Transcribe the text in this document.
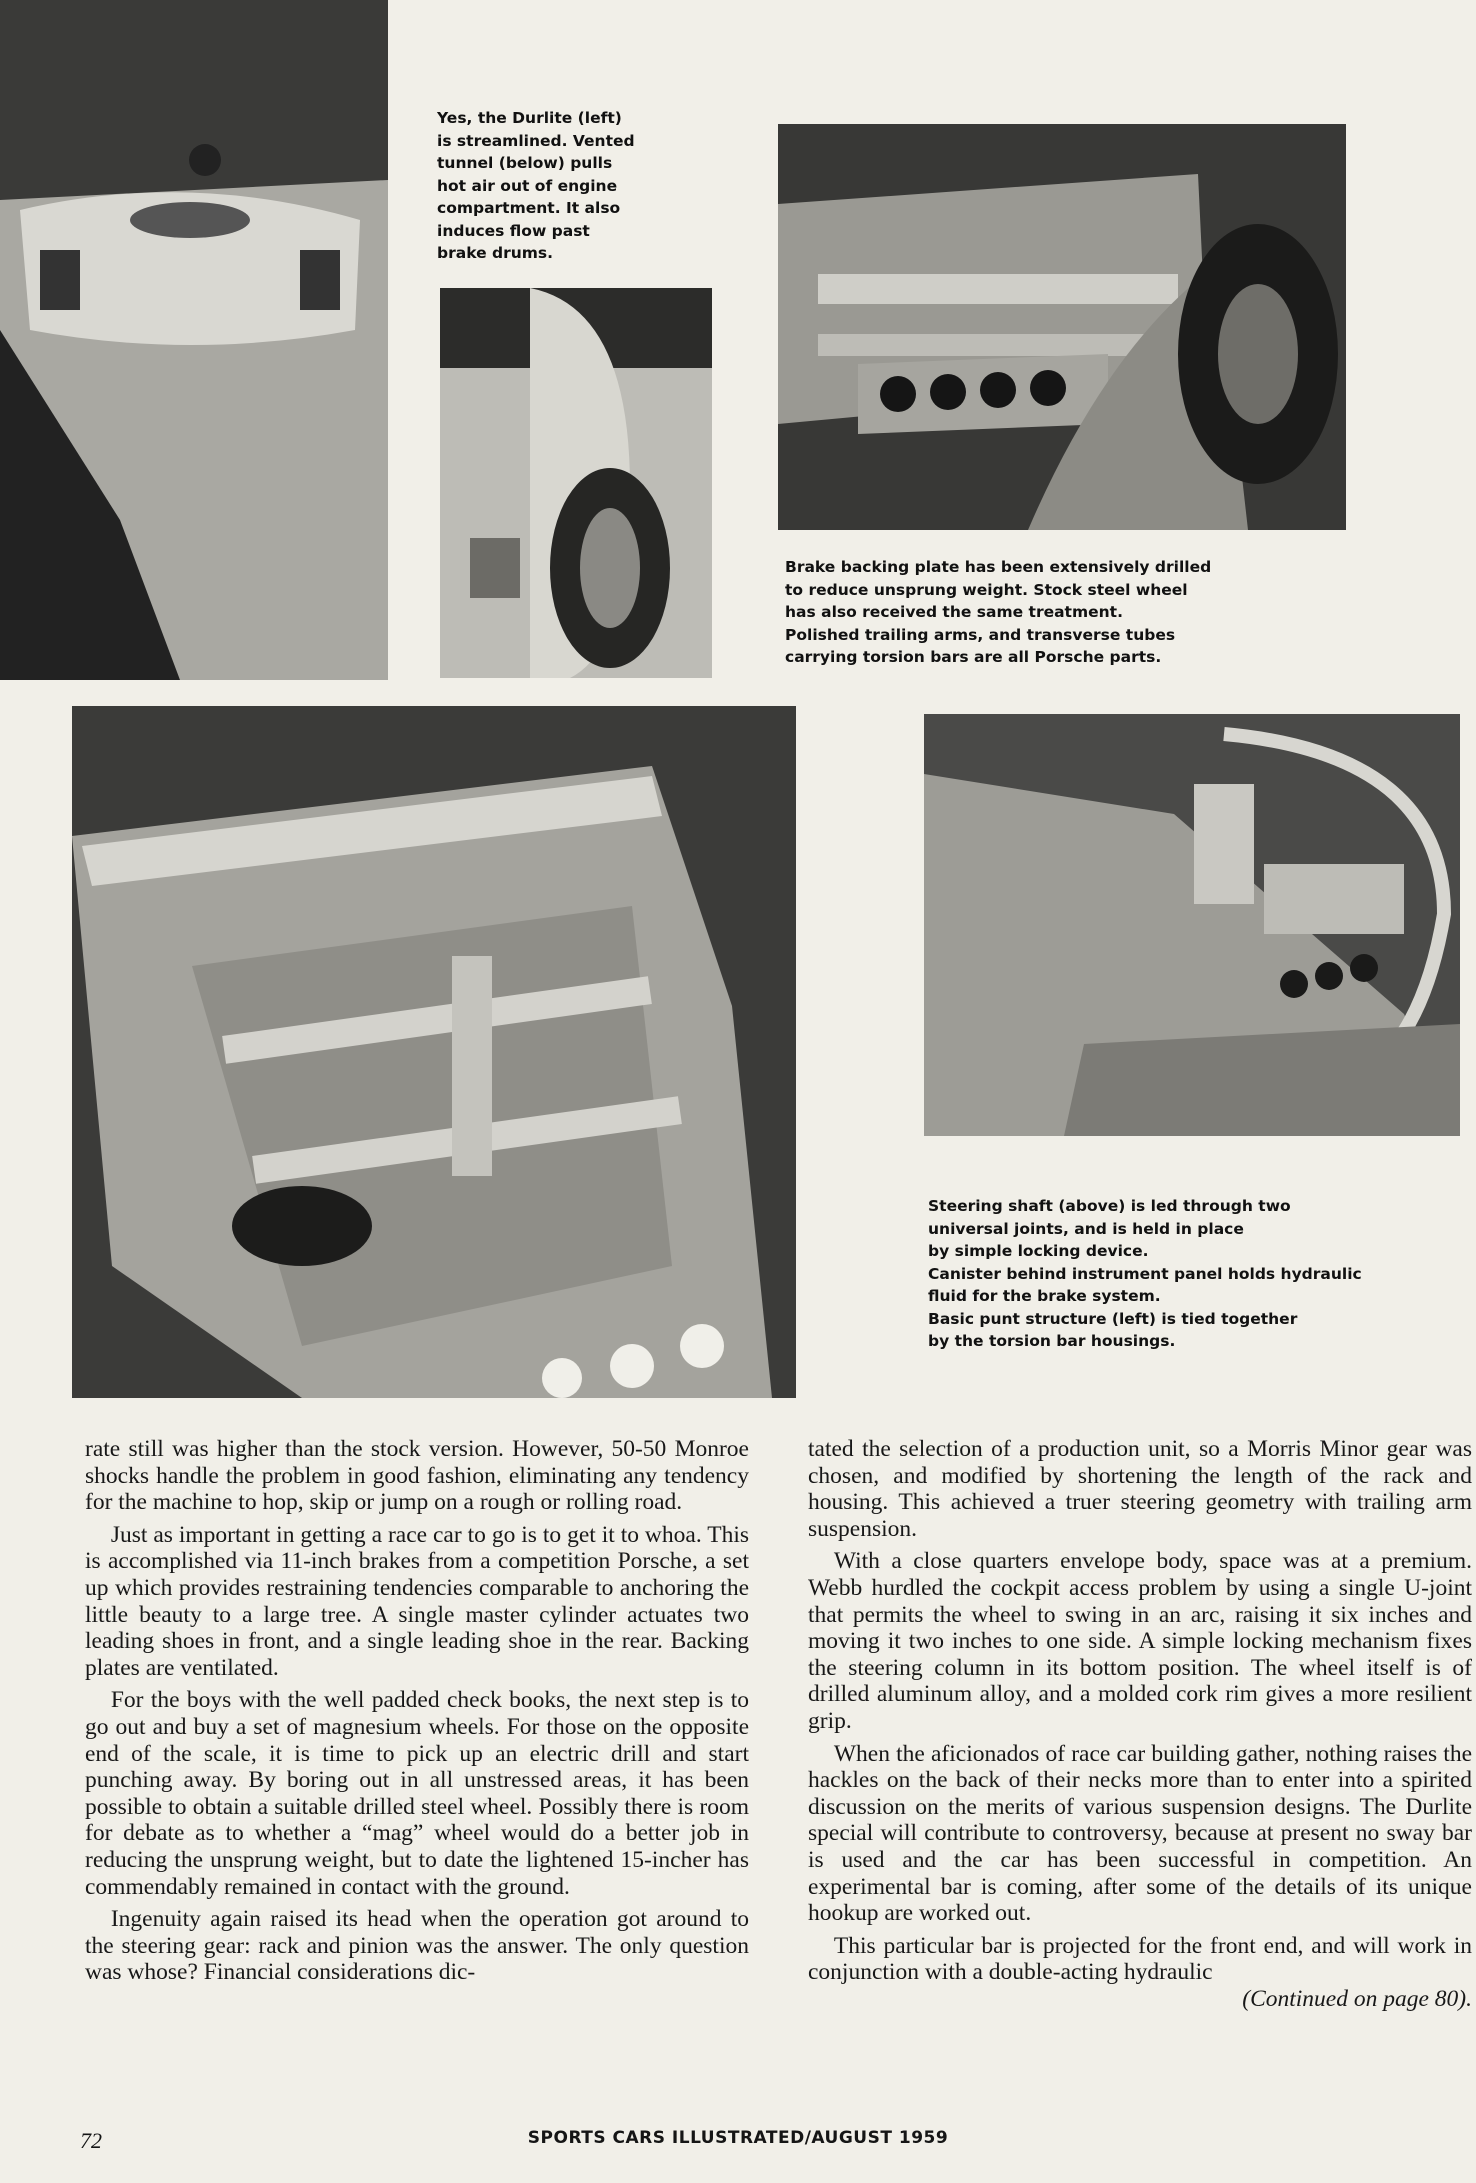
Yes, the Durlite (left)
is streamlined. Vented
tunnel (below) pulls
hot air out of engine
compartment. It also
induces flow past
brake drums.
Brake backing plate has been extensively drilled
to reduce unsprung weight. Stock steel wheel
has also received the same treatment.
Polished trailing arms, and transverse tubes
carrying torsion bars are all Porsche parts.
Steering shaft (above) is led through two
universal joints, and is held in place
by simple locking device.
Canister behind instrument panel holds hydraulic
fluid for the brake system.
Basic punt structure (left) is tied together
by the torsion bar housings.

rate still was higher than the stock version. However, 50-50 Monroe shocks handle the problem in good fashion, eliminating any tendency for the machine to hop, skip or jump on a rough or rolling road.

Just as important in getting a race car to go is to get it to whoa. This is accomplished via 11-inch brakes from a competition Porsche, a set up which provides restraining tendencies comparable to anchoring the little beauty to a large tree. A single master cylinder actuates two leading shoes in front, and a single leading shoe in the rear. Backing plates are ventilated.

For the boys with the well padded check books, the next step is to go out and buy a set of magnesium wheels. For those on the opposite end of the scale, it is time to pick up an electric drill and start punching away. By boring out in all unstressed areas, it has been possible to obtain a suitable drilled steel wheel. Possibly there is room for debate as to whether a “mag” wheel would do a better job in reducing the unsprung weight, but to date the lightened 15-incher has commendably remained in contact with the ground.

Ingenuity again raised its head when the operation got around to the steering gear: rack and pinion was the answer. The only question was whose? Financial considerations dic-

tated the selection of a production unit, so a Morris Minor gear was chosen, and modified by shortening the length of the rack and housing. This achieved a truer steering geometry with trailing arm suspension.

With a close quarters envelope body, space was at a premium. Webb hurdled the cockpit access problem by using a single U-joint that permits the wheel to swing in an arc, raising it six inches and moving it two inches to one side. A simple locking mechanism fixes the steering column in its bottom position. The wheel itself is of drilled aluminum alloy, and a molded cork rim gives a more resilient grip.

When the aficionados of race car building gather, nothing raises the hackles on the back of their necks more than to enter into a spirited discussion on the merits of various suspension designs. The Durlite special will contribute to controversy, because at present no sway bar is used and the car has been successful in competition. An experimental bar is coming, after some of the details of its unique hookup are worked out.

This particular bar is projected for the front end, and will work in conjunction with a double-acting hydraulic

(Continued on page 80).

72	SPORTS CARS ILLUSTRATED/AUGUST 1959
